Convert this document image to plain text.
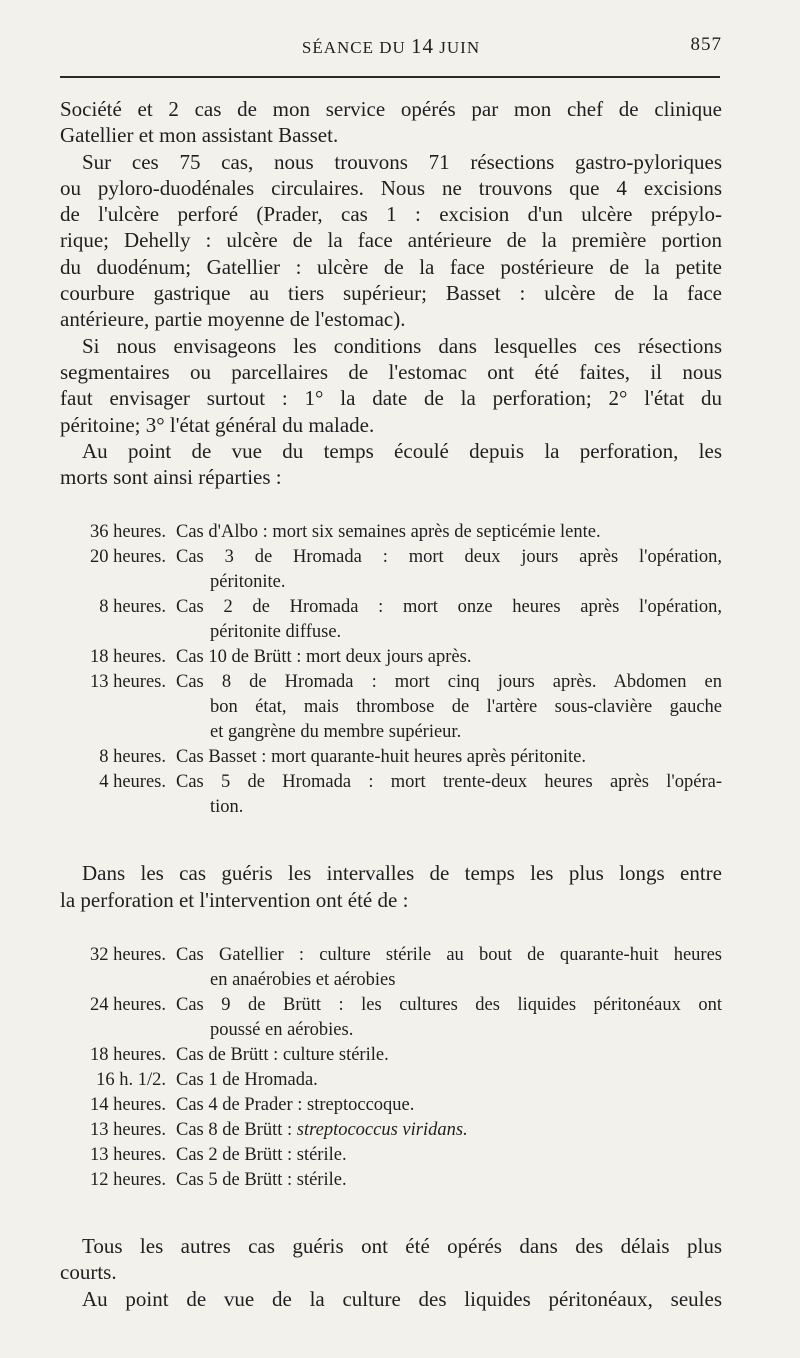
SÉANCE DU 14 JUIN	857
Société et 2 cas de mon service opérés par mon chef de clinique
Gatellier et mon assistant Basset.
Sur ces 75 cas, nous trouvons 71 résections gastro-pyloriques
ou pyloro-duodénales circulaires. Nous ne trouvons que 4 excisions
de l'ulcère perforé (Prader, cas 1 : excision d'un ulcère prépylo-
rique; Dehelly : ulcère de la face antérieure de la première portion
du duodénum; Gatellier : ulcère de la face postérieure de la petite
courbure gastrique au tiers supérieur; Basset : ulcère de la face
antérieure, partie moyenne de l'estomac).
Si nous envisageons les conditions dans lesquelles ces résections
segmentaires ou parcellaires de l'estomac ont été faites, il nous
faut envisager surtout : 1° la date de la perforation; 2° l'état du
péritoine; 3° l'état général du malade.
Au point de vue du temps écoulé depuis la perforation, les
morts sont ainsi réparties :
36 heures. Cas d'Albo : mort six semaines après de septicémie lente.
20 heures. Cas 3 de Hromada : mort deux jours après l'opération,
péritonite.
8 heures. Cas 2 de Hromada : mort onze heures après l'opération,
péritonite diffuse.
18 heures. Cas 10 de Brütt : mort deux jours après.
13 heures. Cas 8 de Hromada : mort cinq jours après. Abdomen en
bon état, mais thrombose de l'artère sous-clavière gauche
et gangrène du membre supérieur.
8 heures. Cas Basset : mort quarante-huit heures après péritonite.
4 heures. Cas 5 de Hromada : mort trente-deux heures après l'opéra-
tion.
Dans les cas guéris les intervalles de temps les plus longs entre
la perforation et l'intervention ont été de :
32 heures. Cas Gatellier : culture stérile au bout de quarante-huit heures
en anaérobies et aérobies
24 heures. Cas 9 de Brütt : les cultures des liquides péritonéaux ont
poussé en aérobies.
18 heures. Cas de Brütt : culture stérile.
16 h. 1/2. Cas 1 de Hromada.
14 heures. Cas 4 de Prader : streptoccoque.
13 heures. Cas 8 de Brütt : streptococcus viridans.
13 heures. Cas 2 de Brütt : stérile.
12 heures. Cas 5 de Brütt : stérile.
Tous les autres cas guéris ont été opérés dans des délais plus
courts.
Au point de vue de la culture des liquides péritonéaux, seules
